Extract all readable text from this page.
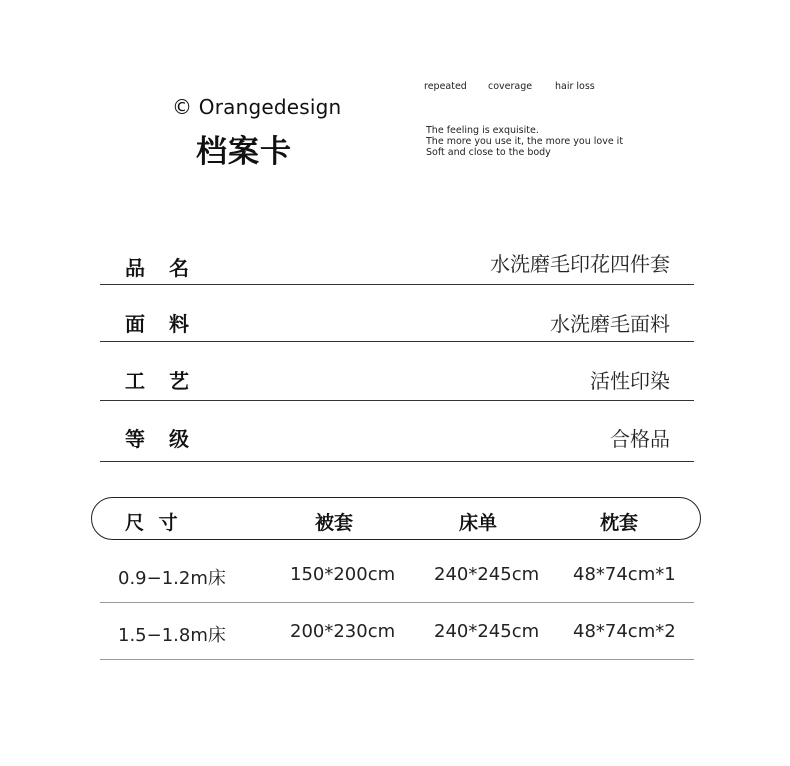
© Orangedesign
档案卡
repeated coverage hair loss
The feeling is exquisite.
The more you use it, the more you love it
Soft and close to the body
品名	水洗磨毛印花四件套
面料	水洗磨毛面料
工艺	活性印染
等级	合格品
尺 寸	被套	床单	枕套
0.9−1.2m床	150*200cm 240*245cm 48*74cm*1
1.5−1.8m床	200*230cm 240*245cm 48*74cm*2
